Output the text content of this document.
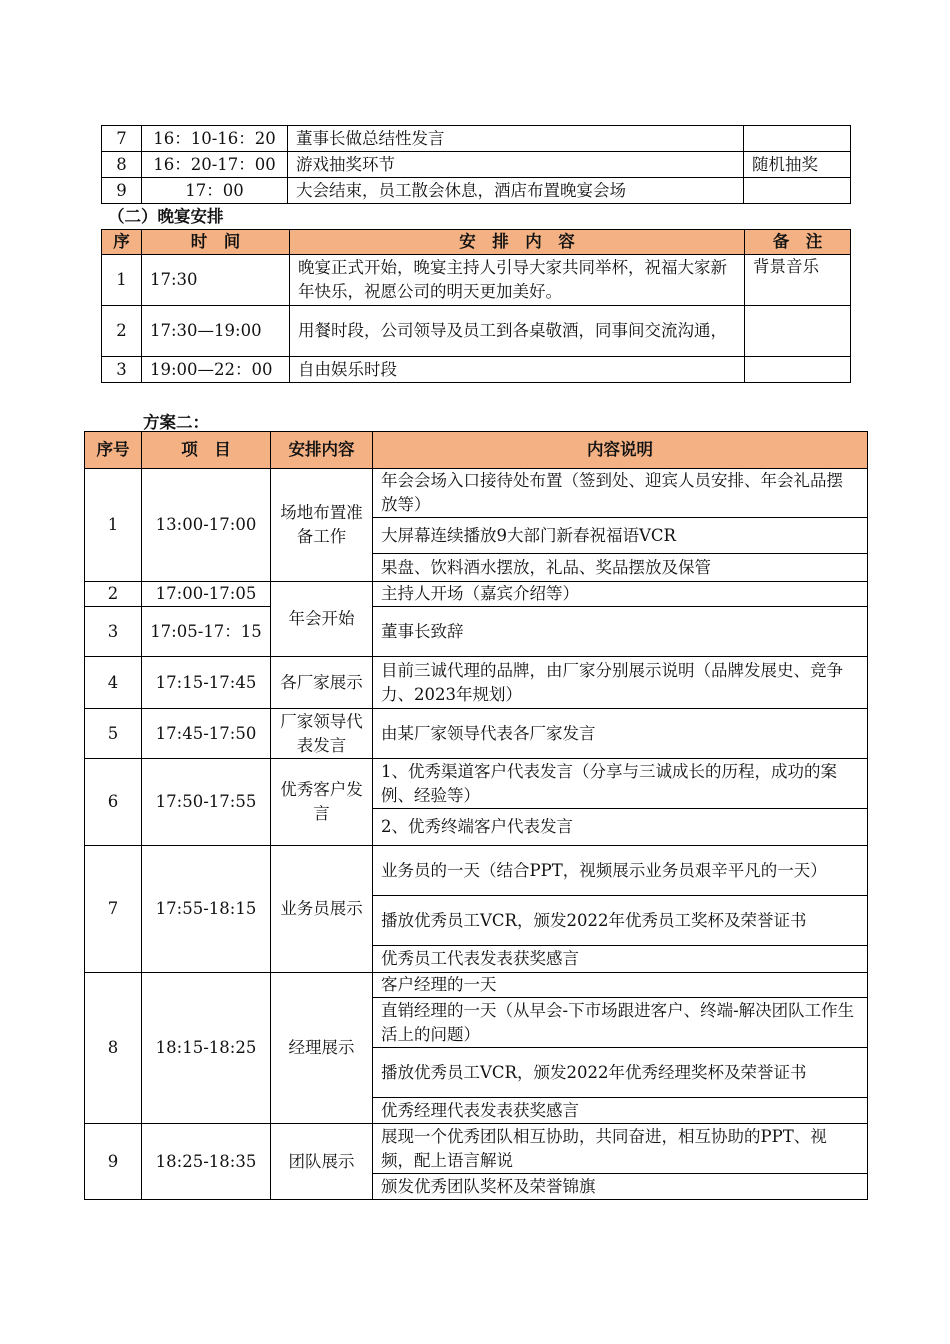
7	16：10-16：20	董事长做总结性发言	
8	16：20-17：00	游戏抽奖环节	随机抽奖
9	17：00	大会结束，员工散会休息，酒店布置晚宴会场	
（二）晚宴安排
序	时　间	安　排　内　容	备　注
1	17:30	晚宴正式开始，晚宴主持人引导大家共同举杯，祝福大家新年快乐，祝愿公司的明天更加美好。	背景音乐
2	17:30—19:00	用餐时段，公司领导及员工到各桌敬酒，同事间交流沟通，	
3	19:00—22：00	自由娱乐时段	
方案二：
序号	项　目	安排内容	内容说明
1	13:00-17:00	场地布置准备工作	年会会场入口接待处布置（签到处、迎宾人员安排、年会礼品摆放等）
			大屏幕连续播放9大部门新春祝福语VCR
			果盘、饮料酒水摆放，礼品、奖品摆放及保管
2	17:00-17:05	年会开始	主持人开场（嘉宾介绍等）
3	17:05-17：15		董事长致辞
4	17:15-17:45	各厂家展示	目前三诚代理的品牌，由厂家分别展示说明（品牌发展史、竞争力、2023年规划）
5	17:45-17:50	厂家领导代表发言	由某厂家领导代表各厂家发言
6	17:50-17:55	优秀客户发言	1、优秀渠道客户代表发言（分享与三诚成长的历程，成功的案例、经验等）
			2、优秀终端客户代表发言
7	17:55-18:15	业务员展示	业务员的一天（结合PPT，视频展示业务员艰辛平凡的一天）
			播放优秀员工VCR，颁发2022年优秀员工奖杯及荣誉证书
			优秀员工代表发表获奖感言
8	18:15-18:25	经理展示	客户经理的一天
			直销经理的一天（从早会-下市场跟进客户、终端-解决团队工作生活上的问题）
			播放优秀员工VCR，颁发2022年优秀经理奖杯及荣誉证书
			优秀经理代表发表获奖感言
9	18:25-18:35	团队展示	展现一个优秀团队相互协助，共同奋进，相互协助的PPT、视频，配上语言解说
			颁发优秀团队奖杯及荣誉锦旗
